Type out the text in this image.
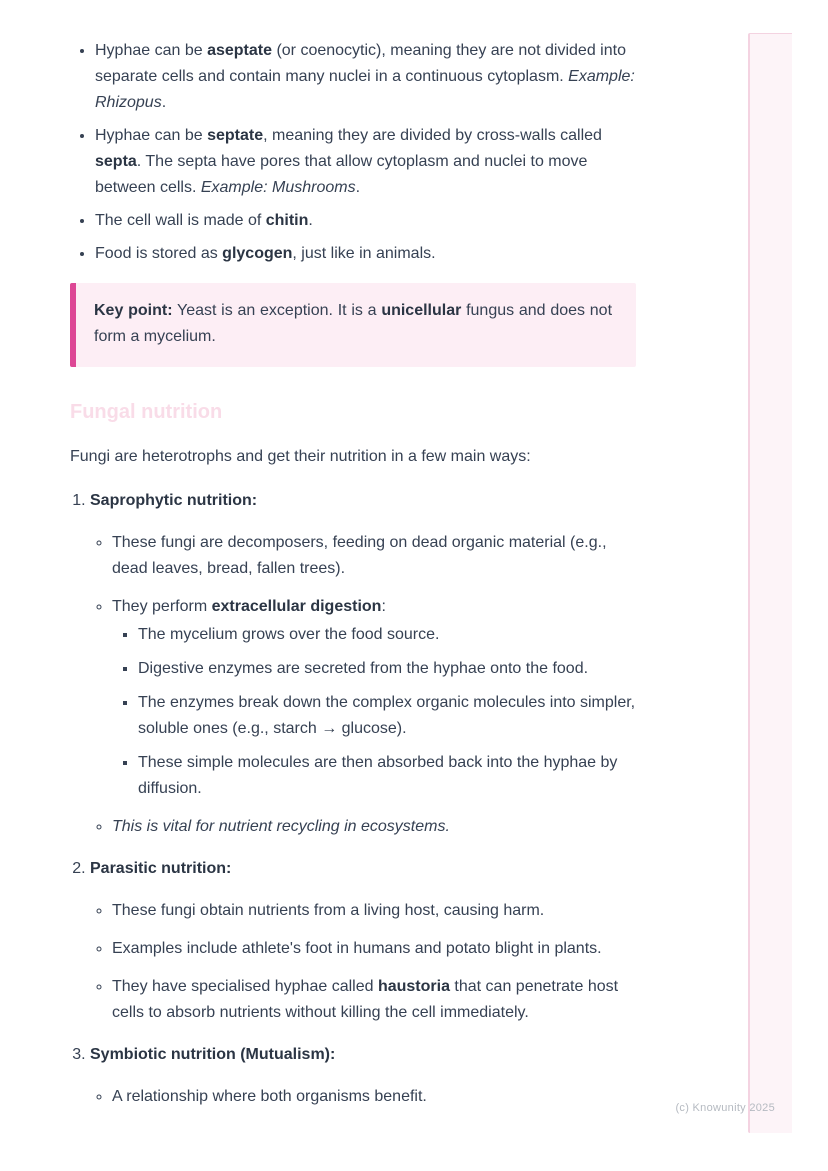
• Hyphae can be aseptate (or coenocytic), meaning they are not divided into separate cells and contain many nuclei in a continuous cytoplasm. Example: Rhizopus.
• Hyphae can be septate, meaning they are divided by cross-walls called septa. The septa have pores that allow cytoplasm and nuclei to move between cells. Example: Mushrooms.
• The cell wall is made of chitin.
• Food is stored as glycogen, just like in animals.

Key point: Yeast is an exception. It is a unicellular fungus and does not form a mycelium.

Fungal nutrition

Fungi are heterotrophs and get their nutrition in a few main ways:

1. Saprophytic nutrition:

◦ These fungi are decomposers, feeding on dead organic material (e.g., dead leaves, bread, fallen trees).
◦ They perform extracellular digestion:
▪ The mycelium grows over the food source.
▪ Digestive enzymes are secreted from the hyphae onto the food.
▪ The enzymes break down the complex organic molecules into simpler, soluble ones (e.g., starch → glucose).
▪ These simple molecules are then absorbed back into the hyphae by diffusion.
◦ This is vital for nutrient recycling in ecosystems.

2. Parasitic nutrition:

◦ These fungi obtain nutrients from a living host, causing harm.
◦ Examples include athlete's foot in humans and potato blight in plants.
◦ They have specialised hyphae called haustoria that can penetrate host cells to absorb nutrients without killing the cell immediately.

3. Symbiotic nutrition (Mutualism):

◦ A relationship where both organisms benefit.
(c) Knowunity 2025
